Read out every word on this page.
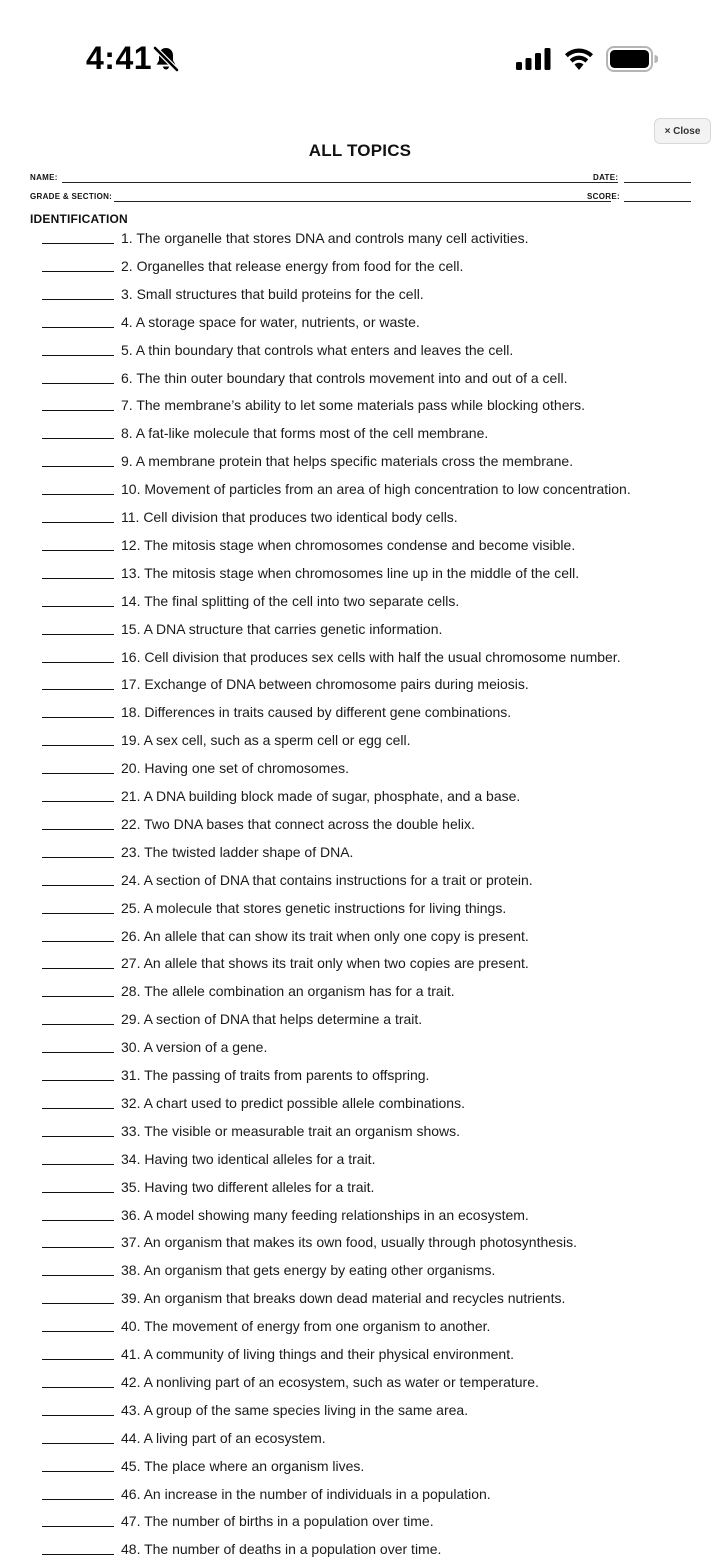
4:41
× Close
ALL TOPICS
NAME:	DATE:
GRADE & SECTION:	SCORE:
IDENTIFICATION
1. The organelle that stores DNA and controls many cell activities.
2. Organelles that release energy from food for the cell.
3. Small structures that build proteins for the cell.
4. A storage space for water, nutrients, or waste.
5. A thin boundary that controls what enters and leaves the cell.
6. The thin outer boundary that controls movement into and out of a cell.
7. The membrane’s ability to let some materials pass while blocking others.
8. A fat-like molecule that forms most of the cell membrane.
9. A membrane protein that helps specific materials cross the membrane.
10. Movement of particles from an area of high concentration to low concentration.
11. Cell division that produces two identical body cells.
12. The mitosis stage when chromosomes condense and become visible.
13. The mitosis stage when chromosomes line up in the middle of the cell.
14. The final splitting of the cell into two separate cells.
15. A DNA structure that carries genetic information.
16. Cell division that produces sex cells with half the usual chromosome number.
17. Exchange of DNA between chromosome pairs during meiosis.
18. Differences in traits caused by different gene combinations.
19. A sex cell, such as a sperm cell or egg cell.
20. Having one set of chromosomes.
21. A DNA building block made of sugar, phosphate, and a base.
22. Two DNA bases that connect across the double helix.
23. The twisted ladder shape of DNA.
24. A section of DNA that contains instructions for a trait or protein.
25. A molecule that stores genetic instructions for living things.
26. An allele that can show its trait when only one copy is present.
27. An allele that shows its trait only when two copies are present.
28. The allele combination an organism has for a trait.
29. A section of DNA that helps determine a trait.
30. A version of a gene.
31. The passing of traits from parents to offspring.
32. A chart used to predict possible allele combinations.
33. The visible or measurable trait an organism shows.
34. Having two identical alleles for a trait.
35. Having two different alleles for a trait.
36. A model showing many feeding relationships in an ecosystem.
37. An organism that makes its own food, usually through photosynthesis.
38. An organism that gets energy by eating other organisms.
39. An organism that breaks down dead material and recycles nutrients.
40. The movement of energy from one organism to another.
41. A community of living things and their physical environment.
42. A nonliving part of an ecosystem, such as water or temperature.
43. A group of the same species living in the same area.
44. A living part of an ecosystem.
45. The place where an organism lives.
46. An increase in the number of individuals in a population.
47. The number of births in a population over time.
48. The number of deaths in a population over time.
